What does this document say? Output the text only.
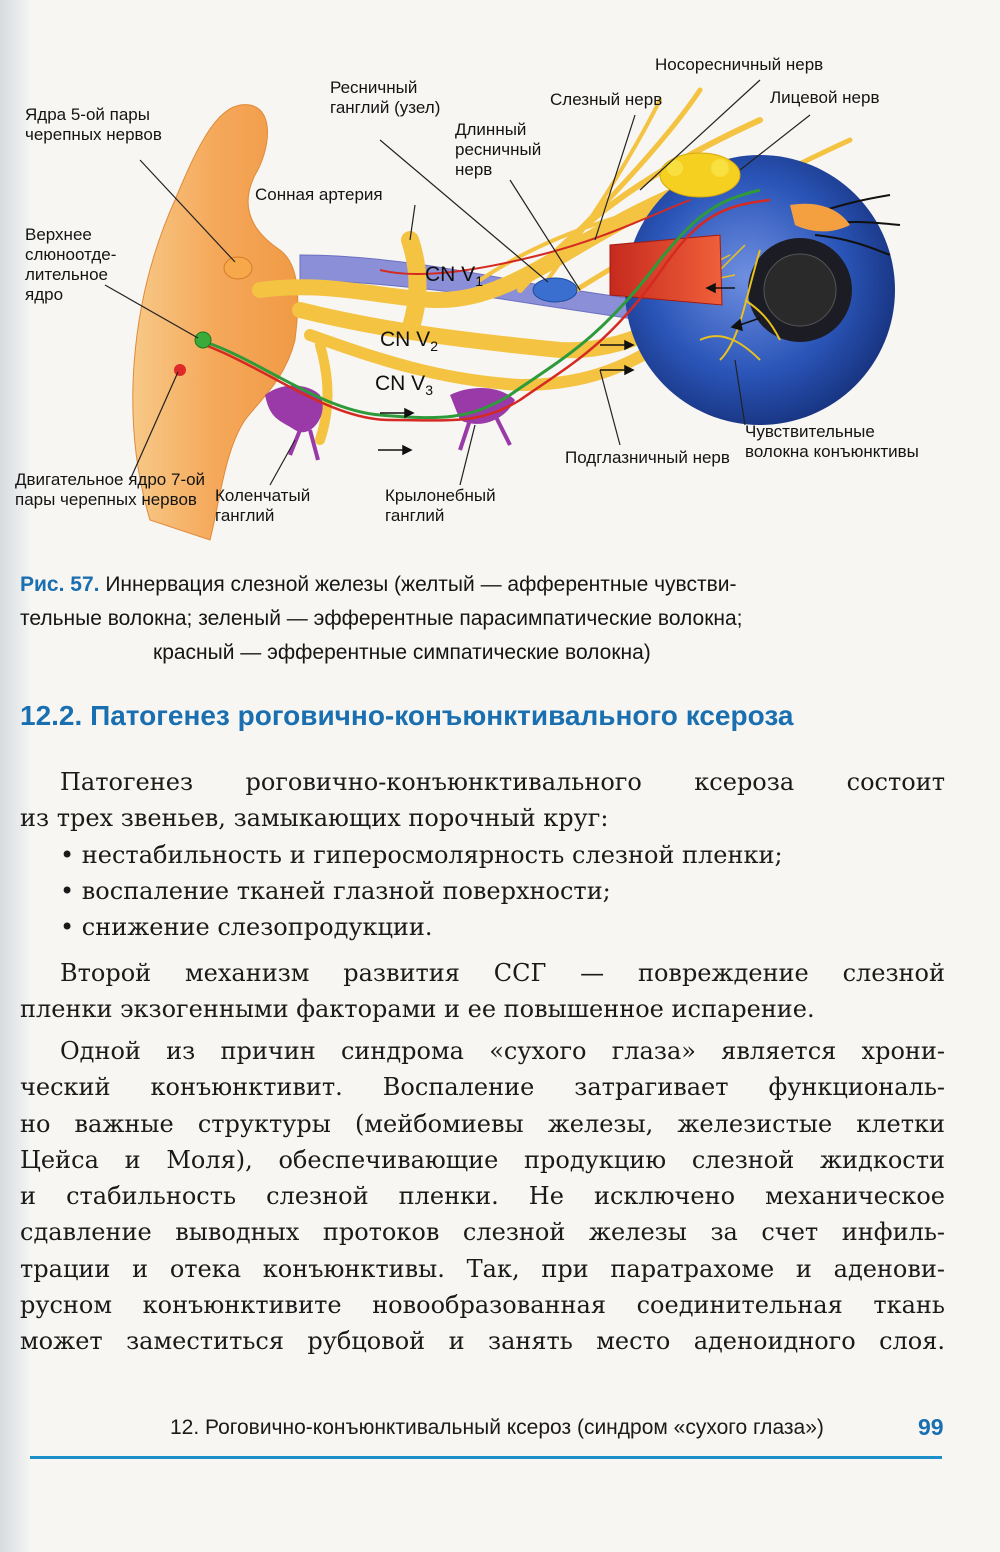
Ядра 5-ой пары черепных нервов
Ресничный ганглий (узел)
Носоресничный нерв
Слезный нерв	Лицевой нерв
Длинный ресничный нерв
Сонная артерия
Верхнее слюноотде- лительное ядро
CN $V_1$
CN $V_2$
CN $V_3$
Двигательное ядро 7-ой пары черепных нервов	Коленчатый ганглий
Крылонебный ганглий
Подглазничный нерв
Чувствительные волокна конъюнктивы
Рис. 57. Иннервация слезной железы (желтый — афферентные чувстви-
тельные волокна; зеленый — эфферентные парасимпатические волокна;
красный — эфферентные симпатические волокна)
12.2. Патогенез роговично-конъюнктивального ксероза
Патогенез роговично-конъюнктивального ксероза состоит
из трех звеньев, замыкающих порочный круг:
• нестабильность и гиперосмолярность слезной пленки;
• воспаление тканей глазной поверхности;
• снижение слезопродукции.
Второй механизм развития ССГ — повреждение слезной
пленки экзогенными факторами и ее повышенное испарение.
Одной из причин синдрома «сухого глаза» является хрони-
ческий конъюнктивит. Воспаление затрагивает функциональ-
но важные структуры (мейбомиевы железы, железистые клетки
Цейса и Моля), обеспечивающие продукцию слезной жидкости
и стабильность слезной пленки. Не исключено механическое
сдавление выводных протоков слезной железы за счет инфиль-
трации и отека конъюнктивы. Так, при паратрахоме и аденови-
русном конъюнктивите новообразованная соединительная ткань
может заместиться рубцовой и занять место аденоидного слоя.
12. Роговично-конъюнктивальный ксероз (синдром «сухого глаза»)	99
